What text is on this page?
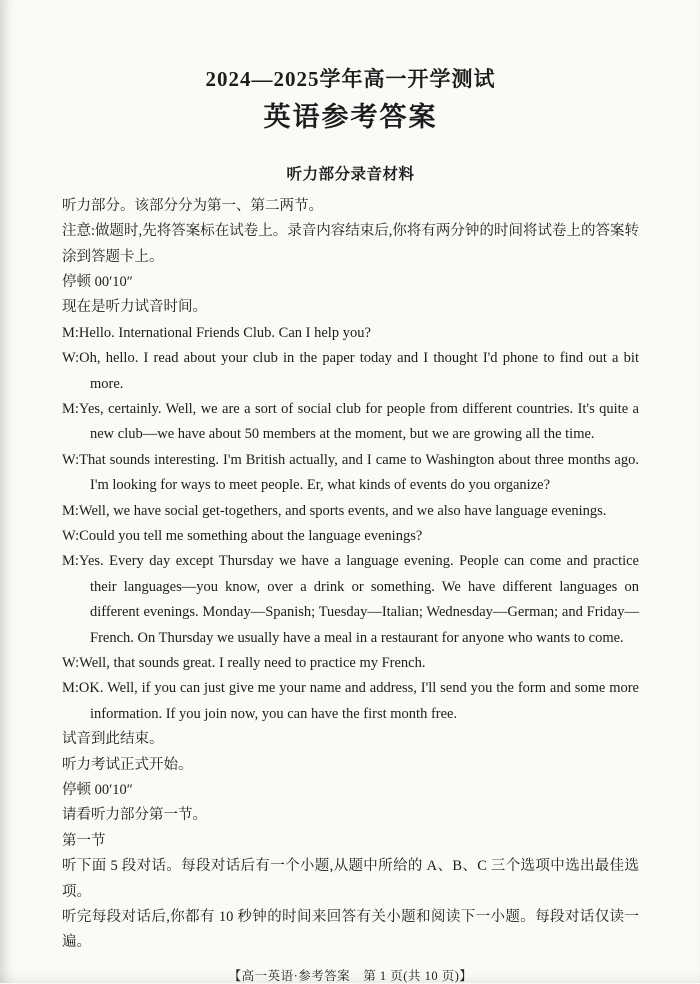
2024—2025学年高一开学测试
英语参考答案
听力部分录音材料

听力部分。该部分分为第一、第二两节。

注意:做题时,先将答案标在试卷上。录音内容结束后,你将有两分钟的时间将试卷上的答案转涂到答题卡上。

停顿 00′10″

现在是听力试音时间。

M:Hello. International Friends Club. Can I help you?

W:Oh, hello. I read about your club in the paper today and I thought I'd phone to find out a bit more.

M:Yes, certainly. Well, we are a sort of social club for people from different countries. It's quite a new club—we have about 50 members at the moment, but we are growing all the time.

W:That sounds interesting. I'm British actually, and I came to Washington about three months ago. I'm looking for ways to meet people. Er, what kinds of events do you organize?

M:Well, we have social get-togethers, and sports events, and we also have language evenings.

W:Could you tell me something about the language evenings?

M:Yes. Every day except Thursday we have a language evening. People can come and practice their languages—you know, over a drink or something. We have different languages on different evenings. Monday—Spanish; Tuesday—Italian; Wednesday—German; and Friday—French. On Thursday we usually have a meal in a restaurant for anyone who wants to come.

W:Well, that sounds great. I really need to practice my French.

M:OK. Well, if you can just give me your name and address, I'll send you the form and some more information. If you join now, you can have the first month free.

试音到此结束。

听力考试正式开始。

停顿 00′10″

请看听力部分第一节。

第一节

听下面 5 段对话。每段对话后有一个小题,从题中所给的 A、B、C 三个选项中选出最佳选项。

听完每段对话后,你都有 10 秒钟的时间来回答有关小题和阅读下一小题。每段对话仅读一遍。

【高一英语·参考答案　第 1 页(共 10 页)】
